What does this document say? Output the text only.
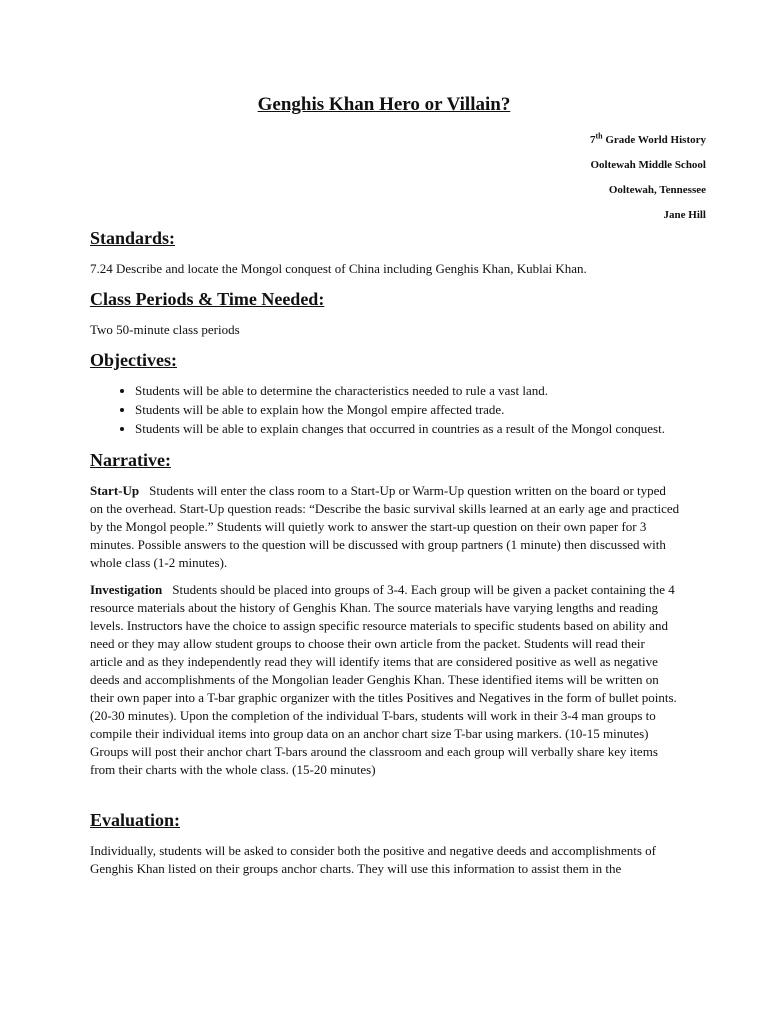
Genghis Khan Hero or Villain?
7th Grade World History
Ooltewah Middle School
Ooltewah, Tennessee
Jane Hill
Standards:

7.24 Describe and locate the Mongol conquest of China including Genghis Khan, Kublai Khan.

Class Periods & Time Needed:

Two 50-minute class periods

Objectives:
• Students will be able to determine the characteristics needed to rule a vast land.
• Students will be able to explain how the Mongol empire affected trade.
• Students will be able to explain changes that occurred in countries as a result of the Mongol conquest.
Narrative:

Start-Up Students will enter the class room to a Start-Up or Warm-Up question written on the board or typed on the overhead. Start-Up question reads: “Describe the basic survival skills learned at an early age and practiced by the Mongol people.” Students will quietly work to answer the start-up question on their own paper for 3 minutes. Possible answers to the question will be discussed with group partners (1 minute) then discussed with whole class (1-2 minutes).

Investigation Students should be placed into groups of 3-4. Each group will be given a packet containing the 4 resource materials about the history of Genghis Khan. The source materials have varying lengths and reading levels. Instructors have the choice to assign specific resource materials to specific students based on ability and need or they may allow student groups to choose their own article from the packet. Students will read their article and as they independently read they will identify items that are considered positive as well as negative deeds and accomplishments of the Mongolian leader Genghis Khan. These identified items will be written on their own paper into a T-bar graphic organizer with the titles Positives and Negatives in the form of bullet points. (20-30 minutes). Upon the completion of the individual T-bars, students will work in their 3-4 man groups to compile their individual items into group data on an anchor chart size T-bar using markers. (10-15 minutes) Groups will post their anchor chart T-bars around the classroom and each group will verbally share key items from their charts with the whole class. (15-20 minutes)

Evaluation:

Individually, students will be asked to consider both the positive and negative deeds and accomplishments of Genghis Khan listed on their groups anchor charts. They will use this information to assist them in the
